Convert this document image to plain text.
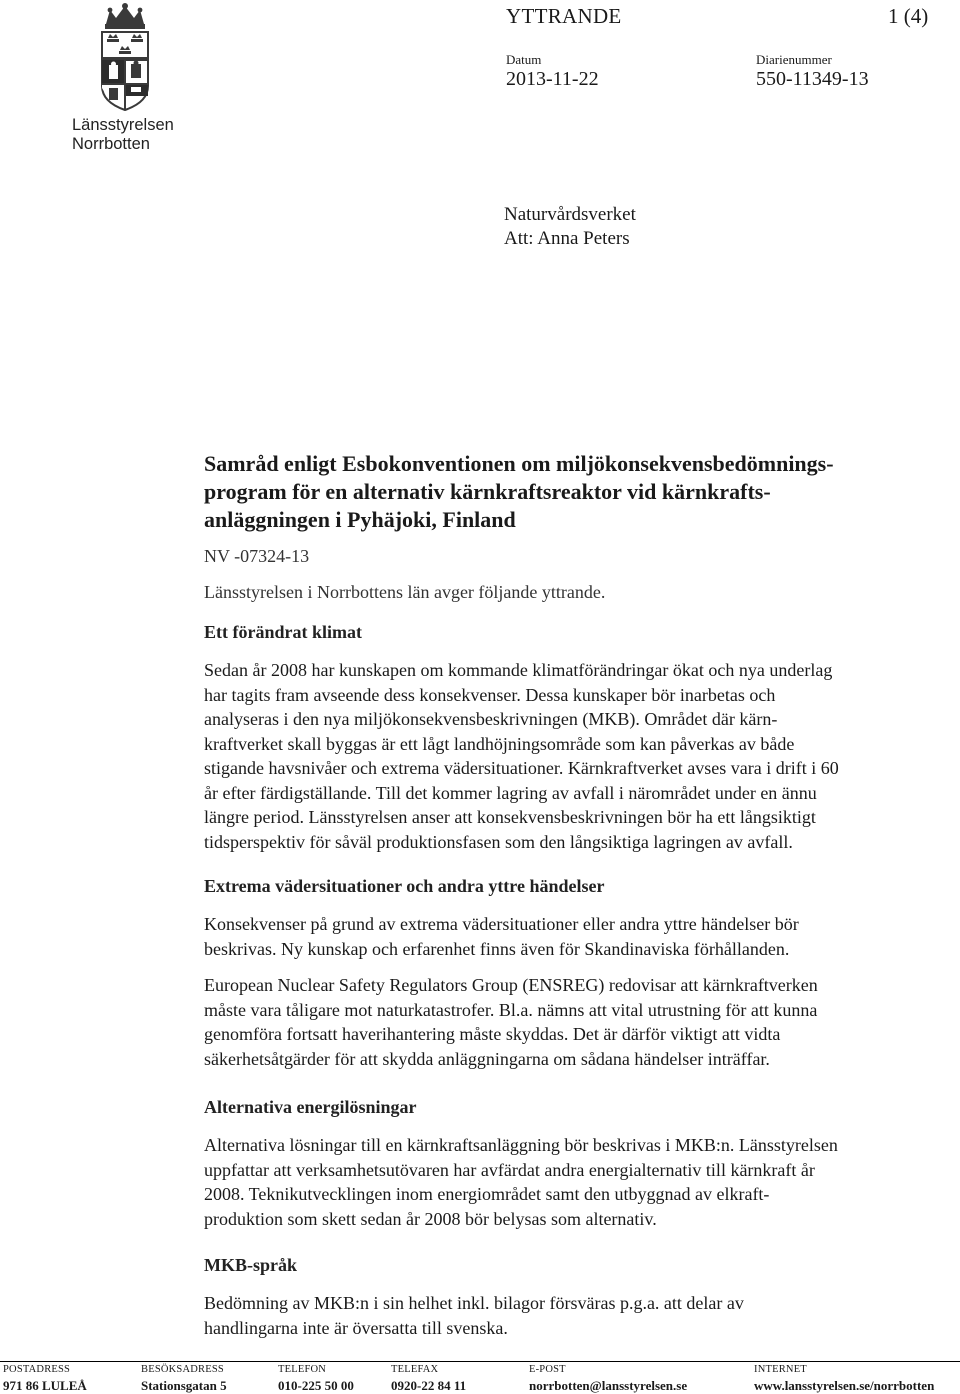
Länsstyrelsen
Norrbotten
YTTRANDE	1 (4)
Datum
2013-11-22
Diarienummer
550-11349-13
Naturvårdsverket
Att: Anna Peters
Samråd enligt Esbokonventionen om miljökonsekvensbedömnings-
program för en alternativ kärnkraftsreaktor vid kärnkrafts-
anläggningen i Pyhäjoki, Finland
NV -07324-13
Länsstyrelsen i Norrbottens län avger följande yttrande.
Ett förändrat klimat
Sedan år 2008 har kunskapen om kommande klimatförändringar ökat och nya underlag
har tagits fram avseende dess konsekvenser. Dessa kunskaper bör inarbetas och
analyseras i den nya miljökonsekvensbeskrivningen (MKB). Området där kärn-
kraftverket skall byggas är ett lågt landhöjningsområde som kan påverkas av både
stigande havsnivåer och extrema vädersituationer. Kärnkraftverket avses vara i drift i 60
år efter färdigställande. Till det kommer lagring av avfall i närområdet under en ännu
längre period. Länsstyrelsen anser att konsekvensbeskrivningen bör ha ett långsiktigt
tidsperspektiv för såväl produktionsfasen som den långsiktiga lagringen av avfall.
Extrema vädersituationer och andra yttre händelser
Konsekvenser på grund av extrema vädersituationer eller andra yttre händelser bör
beskrivas. Ny kunskap och erfarenhet finns även för Skandinaviska förhållanden.
European Nuclear Safety Regulators Group (ENSREG) redovisar att kärnkraftverken
måste vara tåligare mot naturkatastrofer. Bl.a. nämns att vital utrustning för att kunna
genomföra fortsatt haverihantering måste skyddas. Det är därför viktigt att vidta
säkerhetsåtgärder för att skydda anläggningarna om sådana händelser inträffar.
Alternativa energilösningar
Alternativa lösningar till en kärnkraftsanläggning bör beskrivas i MKB:n. Länsstyrelsen
uppfattar att verksamhetsutövaren har avfärdat andra energialternativ till kärnkraft år
2008. Teknikutvecklingen inom energiområdet samt den utbyggnad av elkraft-
produktion som skett sedan år 2008 bör belysas som alternativ.
MKB-språk
Bedömning av MKB:n i sin helhet inkl. bilagor försväras p.g.a. att delar av
handlingarna inte är översatta till svenska.
POSTADRESS
971 86 LULEÅ
BESÖKSADRESS
Stationsgatan 5
TELEFON
010-225 50 00
TELEFAX
0920-22 84 11
E-POST
norrbotten@lansstyrelsen.se
INTERNET
www.lansstyrelsen.se/norrbotten
